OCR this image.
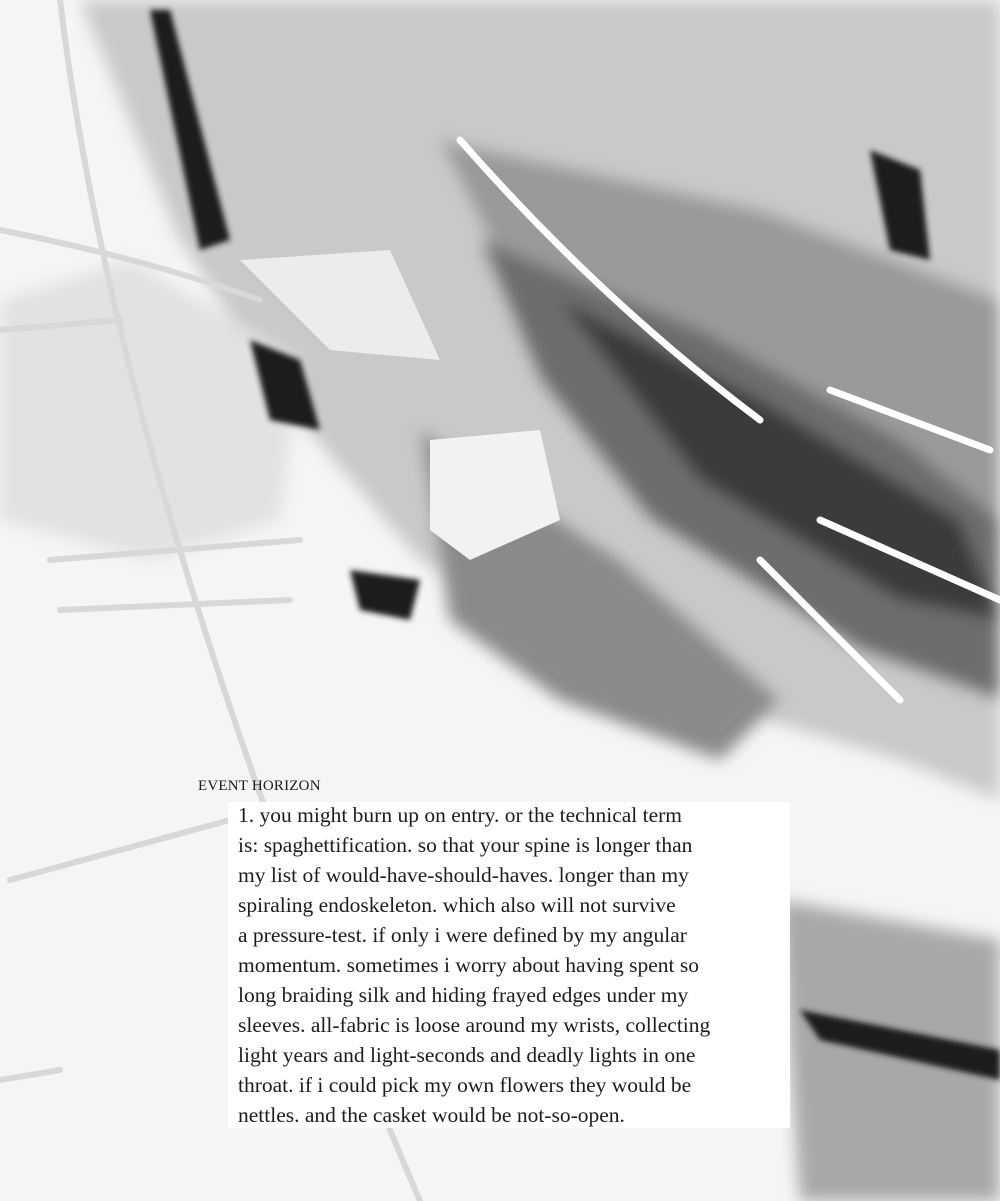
EVENT HORIZON
1. you might burn up on entry. or the technical term
is: spaghettification. so that your spine is longer than
my list of would-have-should-haves. longer than my
spiraling endoskeleton. which also will not survive
a pressure-test. if only i were defined by my angular
momentum. sometimes i worry about having spent so
long braiding silk and hiding frayed edges under my
sleeves. all-fabric is loose around my wrists, collecting
light years and light-seconds and deadly lights in one
throat. if i could pick my own flowers they would be
nettles. and the casket would be not-so-open.
